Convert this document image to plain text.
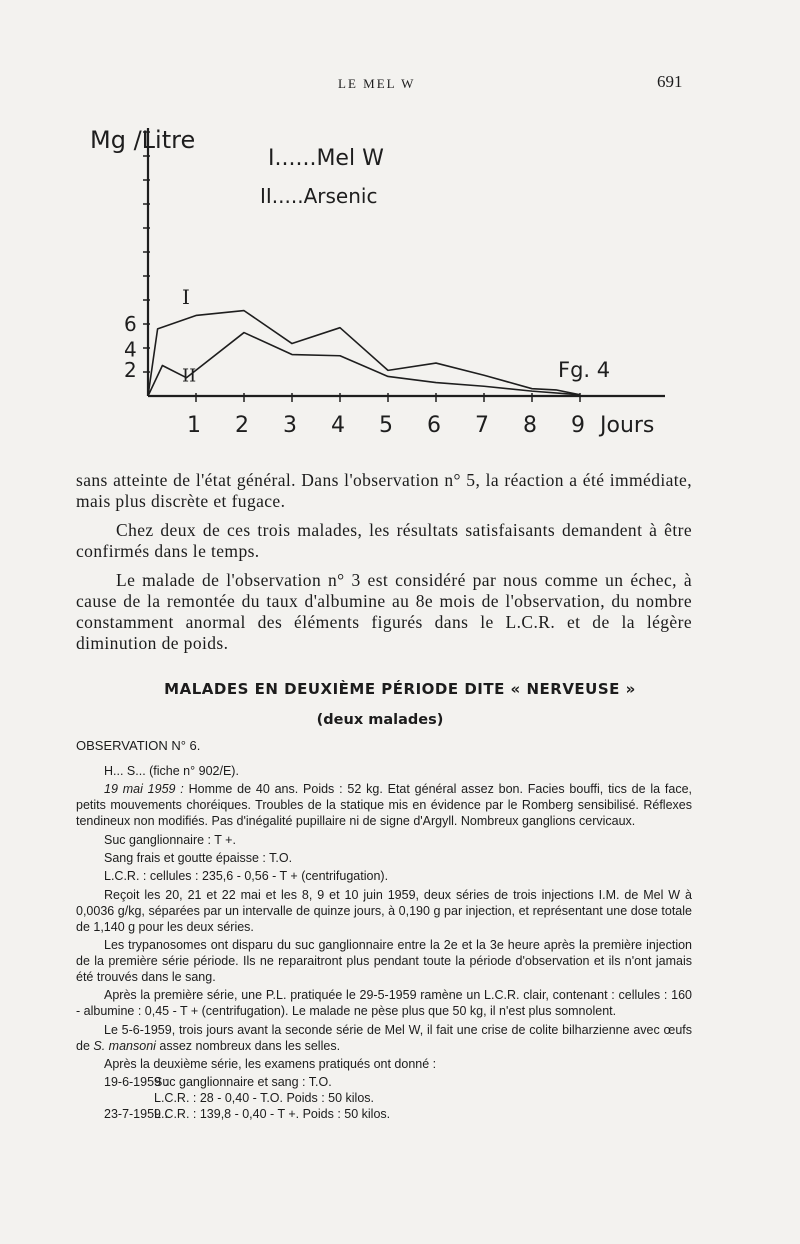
LE MEL W	691
1 2 3 4 5 6 7 8 9 Jours
2
4
6
I
II
Mg /Litre
I......Mel W
II.....Arsenic
Fg. 4

sans atteinte de l'état général. Dans l'observation n° 5, la réaction a été immédiate, mais plus discrète et fugace.

Chez deux de ces trois malades, les résultats satisfaisants demandent à être confirmés dans le temps.

Le malade de l'observation n° 3 est considéré par nous comme un échec, à cause de la remontée du taux d'albumine au 8e mois de l'observation, du nombre constamment anormal des éléments figurés dans le L.C.R. et de la légère diminution de poids.

MALADES EN DEUXIÈME PÉRIODE DITE « NERVEUSE »
(deux malades)
OBSERVATION N° 6.

H... S... (fiche n° 902/E).

19 mai 1959 : Homme de 40 ans. Poids : 52 kg. Etat général assez bon. Facies bouffi, tics de la face, petits mouvements choréiques. Troubles de la statique mis en évidence par le Romberg sensibilisé. Réflexes tendineux non modifiés. Pas d'inégalité pupillaire ni de signe d'Argyll. Nombreux ganglions cervicaux.

Suc ganglionnaire : T +.

Sang frais et goutte épaisse : T.O.

L.C.R. : cellules : 235,6 - 0,56 - T + (centrifugation).

Reçoit les 20, 21 et 22 mai et les 8, 9 et 10 juin 1959, deux séries de trois injections I.M. de Mel W à 0,0036 g/kg, séparées par un intervalle de quinze jours, à 0,190 g par injection, et représentant une dose totale de 1,140 g pour les deux séries.

Les trypanosomes ont disparu du suc ganglionnaire entre la 2e et la 3e heure après la première injection de la première série période. Ils ne reparaitront plus pendant toute la période d'observation et ils n'ont jamais été trouvés dans le sang.

Après la première série, une P.L. pratiquée le 29-5-1959 ramène un L.C.R. clair, contenant : cellules : 160 - albumine : 0,45 - T + (centrifugation). Le malade ne pèse plus que 50 kg, il n'est plus somnolent.

Le 5-6-1959, trois jours avant la seconde série de Mel W, il fait une crise de colite bilharzienne avec œufs de S. mansoni assez nombreux dans les selles.

Après la deuxième série, les examens pratiqués ont donné :

19-6-1959 :
Suc ganglionnaire et sang : T.O.
L.C.R. : 28 - 0,40 - T.O. Poids : 50 kilos.
23-7-1959 :
L.C.R. : 139,8 - 0,40 - T +. Poids : 50 kilos.
